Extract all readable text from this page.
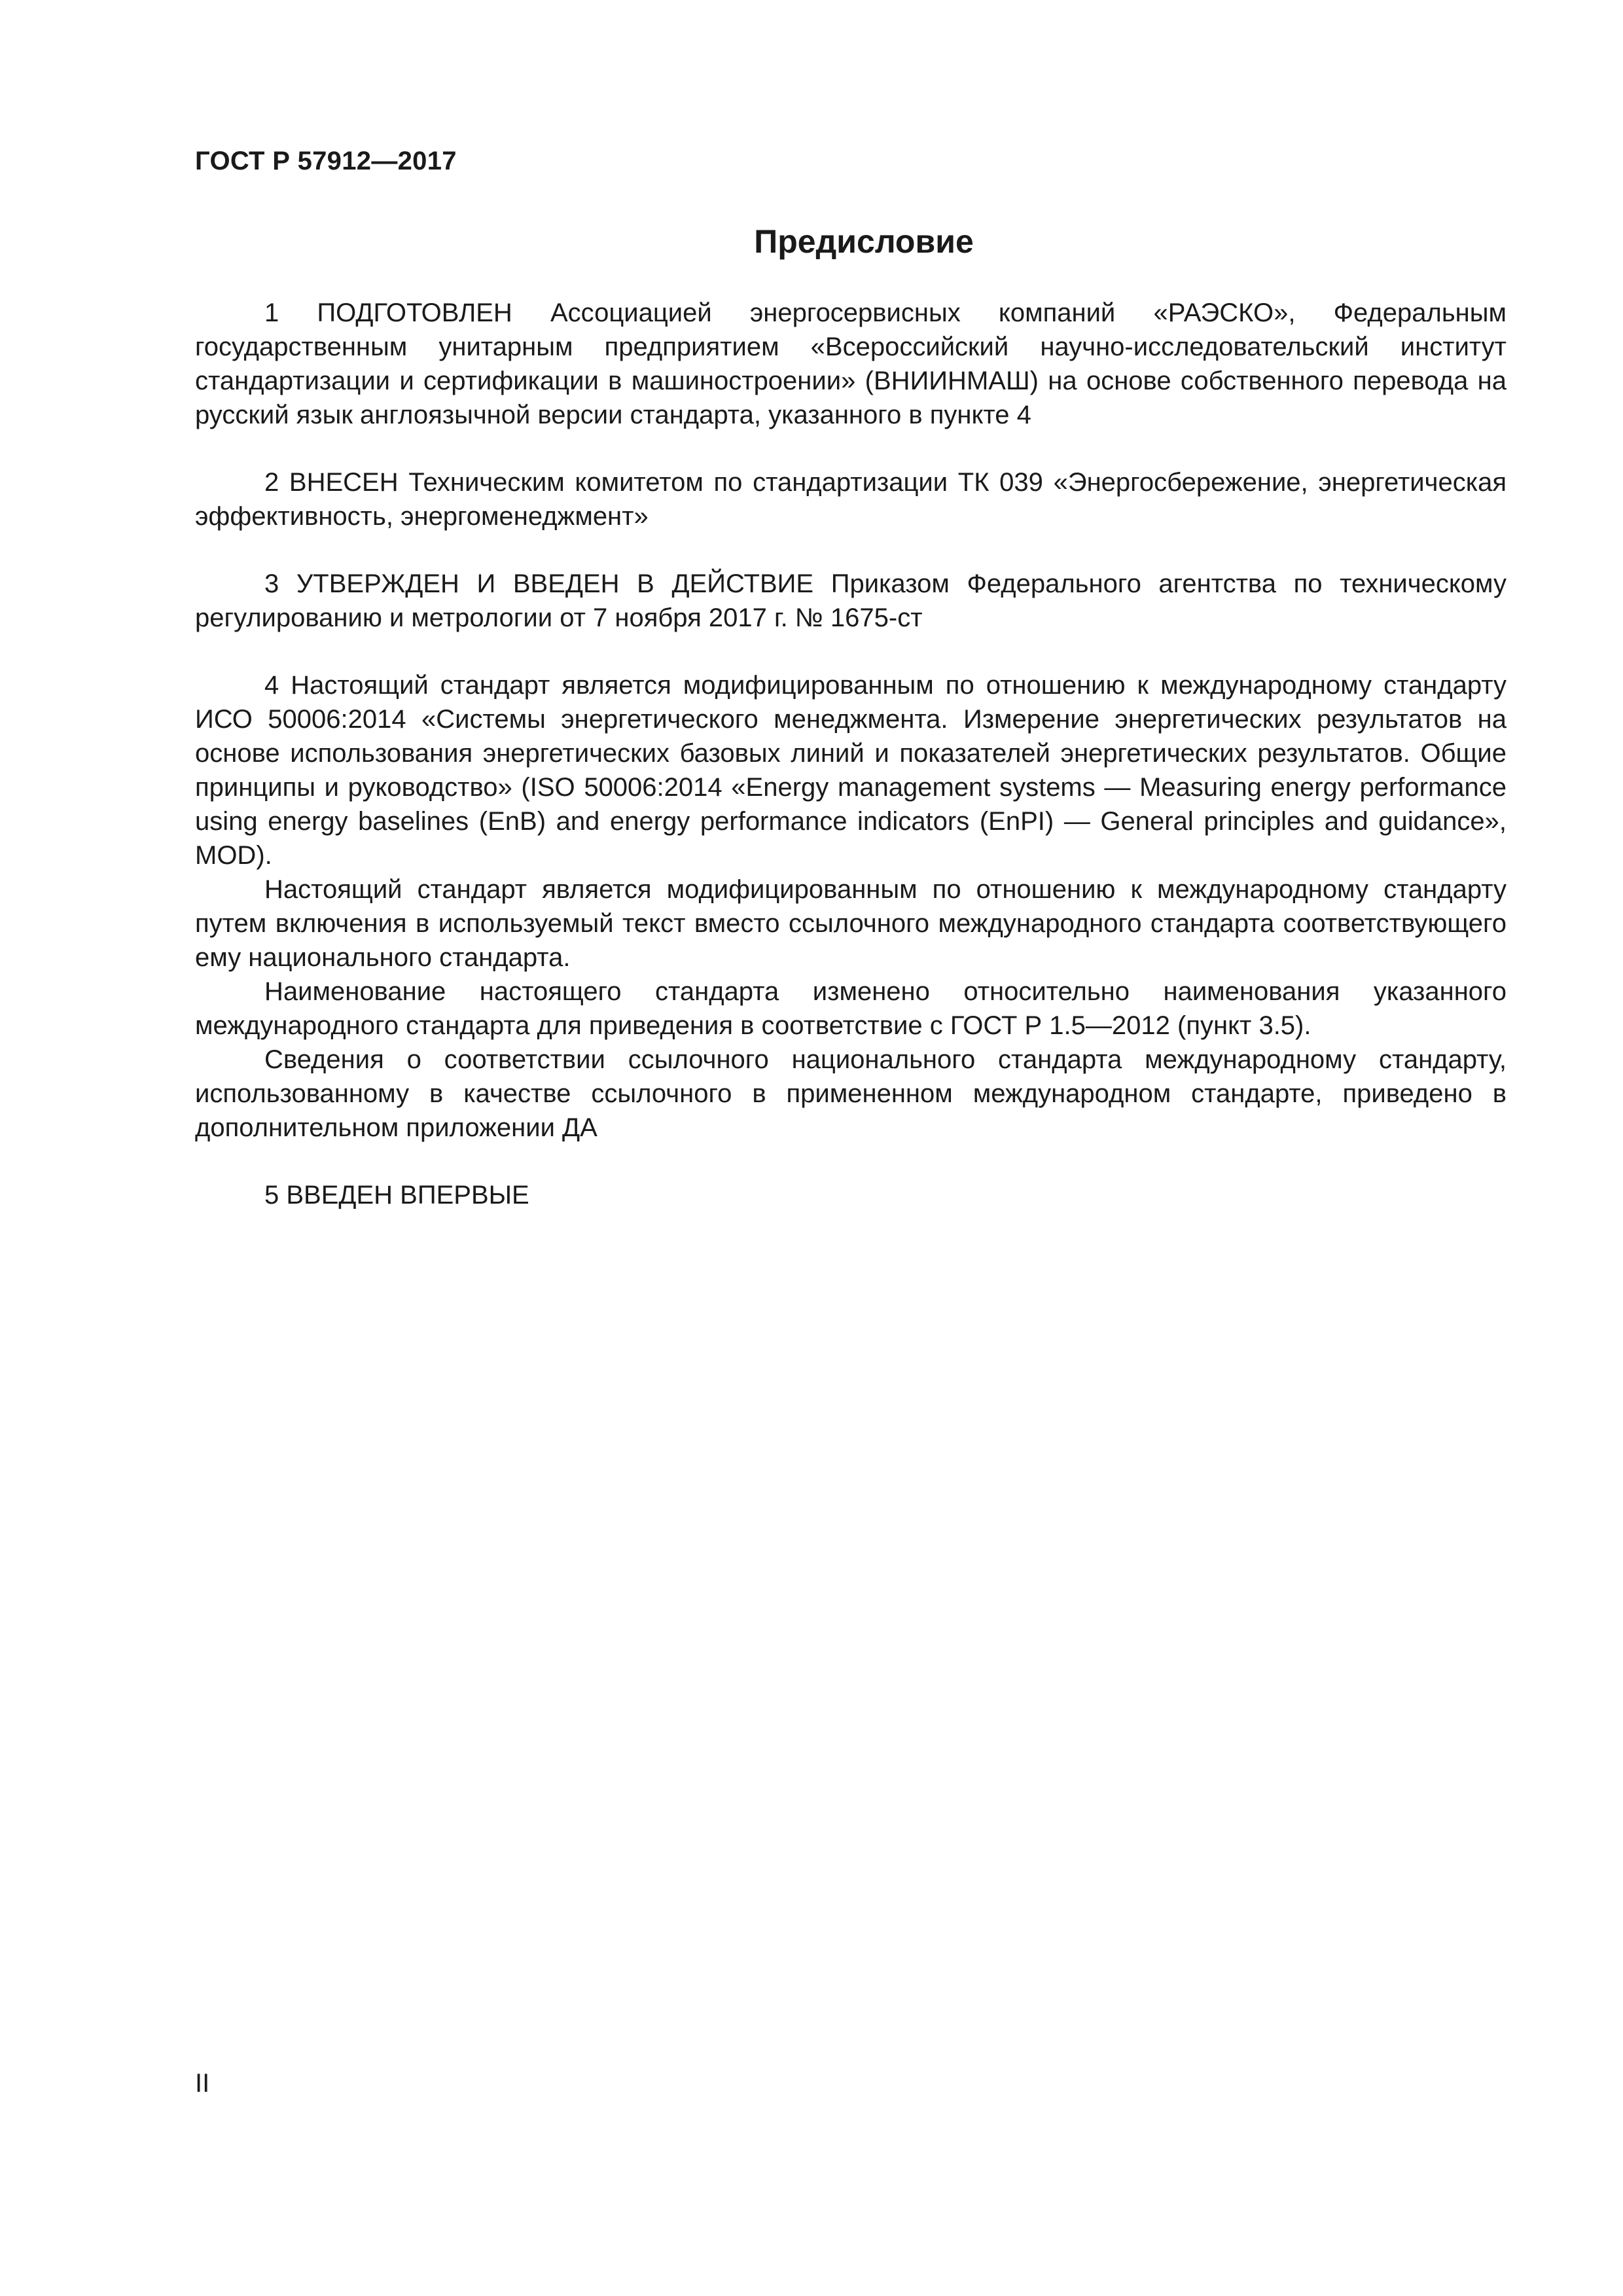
ГОСТ Р 57912—2017
Предисловие

1 ПОДГОТОВЛЕН Ассоциацией энергосервисных компаний «РАЭСКО», Федеральным государственным унитарным предприятием «Всероссийский научно-исследовательский институт стандартизации и сертификации в машиностроении» (ВНИИНМАШ) на основе собственного перевода на русский язык англоязычной версии стандарта, указанного в пункте 4

2 ВНЕСЕН Техническим комитетом по стандартизации ТК 039 «Энергосбережение, энергетическая эффективность, энергоменеджмент»

3 УТВЕРЖДЕН И ВВЕДЕН В ДЕЙСТВИЕ Приказом Федерального агентства по техническому регулированию и метрологии от 7 ноября 2017 г. № 1675-ст

4 Настоящий стандарт является модифицированным по отношению к международному стандарту ИСО 50006:2014 «Системы энергетического менеджмента. Измерение энергетических результатов на основе использования энергетических базовых линий и показателей энергетических результатов. Общие принципы и руководство» (ISO 50006:2014 «Energy management systems — Measuring energy performance using energy baselines (EnB) and energy performance indicators (EnPI) — General principles and guidance», MOD).

Настоящий стандарт является модифицированным по отношению к международному стандарту путем включения в используемый текст вместо ссылочного международного стандарта соответствующего ему национального стандарта.

Наименование настоящего стандарта изменено относительно наименования указанного международного стандарта для приведения в соответствие с ГОСТ Р 1.5—2012 (пункт 3.5).

Сведения о соответствии ссылочного национального стандарта международному стандарту, использованному в качестве ссылочного в примененном международном стандарте, приведено в дополнительном приложении ДА

5 ВВЕДЕН ВПЕРВЫЕ

II
